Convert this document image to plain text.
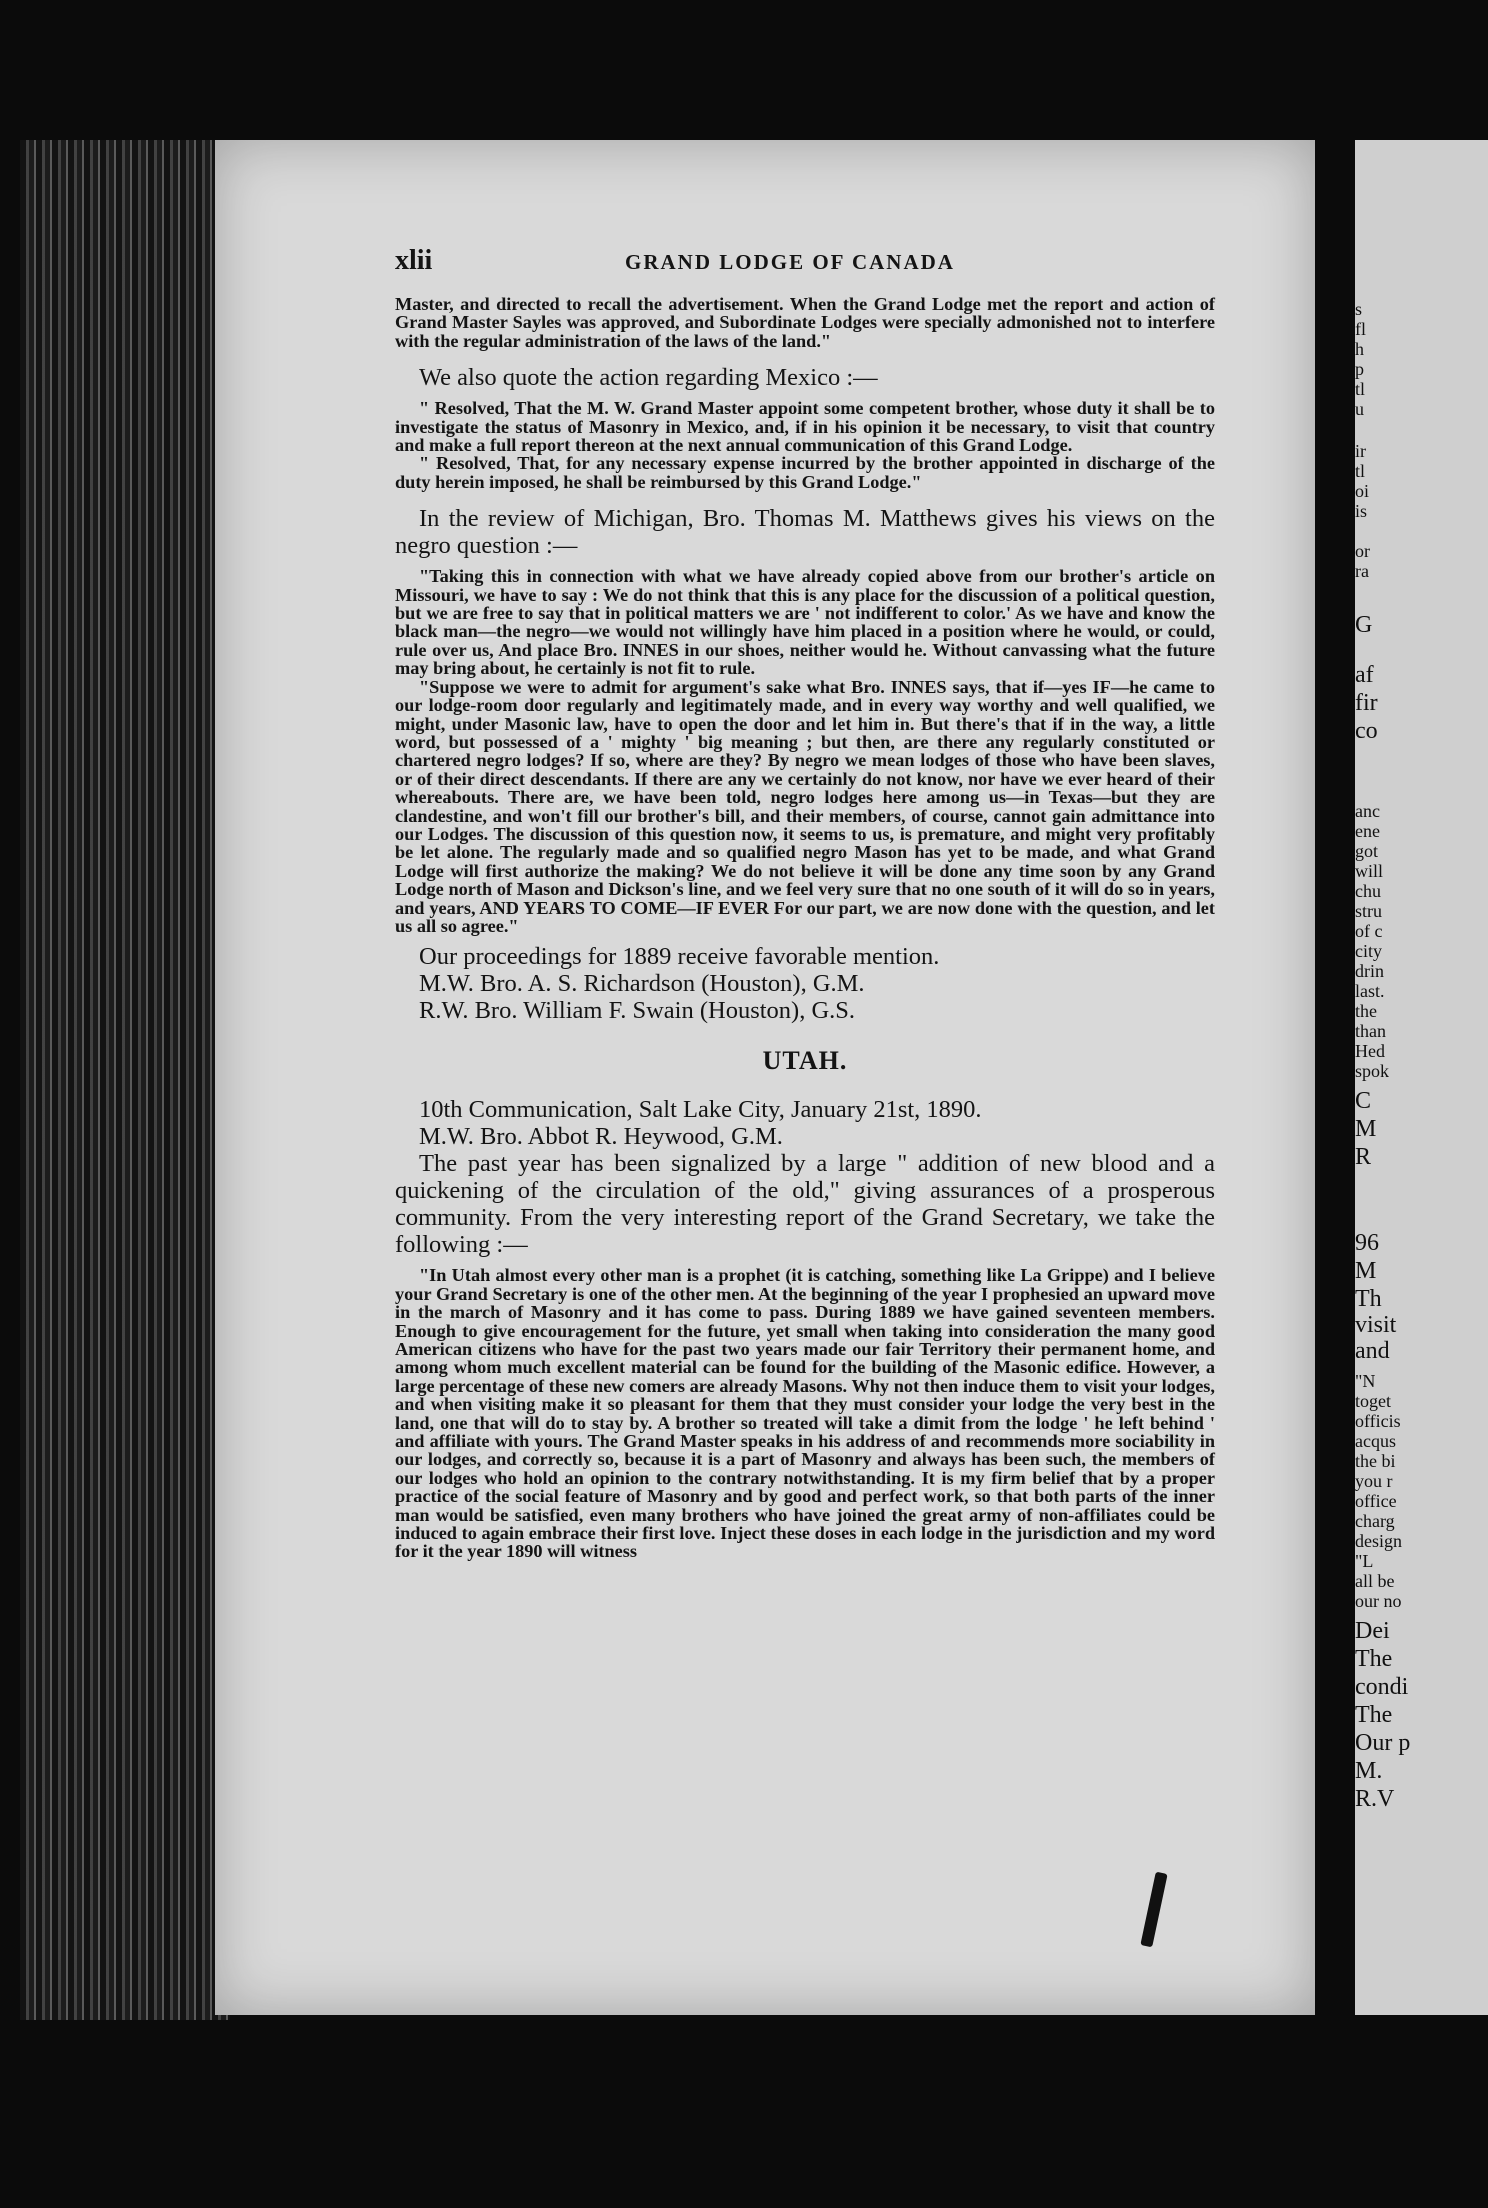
s
fl
h
p
tl
u
ir
tl
oi
is
or
ra
G
af
fir
co
anc
ene
got
will
chu
stru
of c
city
drin
last.
the
than
Hed
spok
C
M
R
96
M
Th
visit
and
"N
toget
officis
acqus
the bi
you r
office
charg
design
"L
all be
our no
Dei
The
condi
The
Our p
M.
R.V
xlii	GRAND LODGE OF CANADA

Master, and directed to recall the advertisement. When the Grand Lodge met the report and action of Grand Master Sayles was approved, and Subordinate Lodges were specially admonished not to interfere with the regular administration of the laws of the land."

We also quote the action regarding Mexico :—

" Resolved, That the M. W. Grand Master appoint some competent brother, whose duty it shall be to investigate the status of Masonry in Mexico, and, if in his opinion it be necessary, to visit that country and make a full report thereon at the next annual communication of this Grand Lodge.

" Resolved, That, for any necessary expense incurred by the brother appointed in discharge of the duty herein imposed, he shall be reimbursed by this Grand Lodge."

In the review of Michigan, Bro. Thomas M. Matthews gives his views on the negro question :—

"Taking this in connection with what we have already copied above from our brother's article on Missouri, we have to say : We do not think that this is any place for the discussion of a political question, but we are free to say that in political matters we are ' not indifferent to color.' As we have and know the black man—the negro—we would not willingly have him placed in a position where he would, or could, rule over us, And place Bro. INNES in our shoes, neither would he. Without canvassing what the future may bring about, he certainly is not fit to rule.

"Suppose we were to admit for argument's sake what Bro. INNES says, that if—yes IF—he came to our lodge-room door regularly and legitimately made, and in every way worthy and well qualified, we might, under Masonic law, have to open the door and let him in. But there's that if in the way, a little word, but possessed of a ' mighty ' big meaning ; but then, are there any regularly constituted or chartered negro lodges? If so, where are they? By negro we mean lodges of those who have been slaves, or of their direct descendants. If there are any we certainly do not know, nor have we ever heard of their whereabouts. There are, we have been told, negro lodges here among us—in Texas—but they are clandestine, and won't fill our brother's bill, and their members, of course, cannot gain admittance into our Lodges. The discussion of this question now, it seems to us, is premature, and might very profitably be let alone. The regularly made and so qualified negro Mason has yet to be made, and what Grand Lodge will first authorize the making? We do not believe it will be done any time soon by any Grand Lodge north of Mason and Dickson's line, and we feel very sure that no one south of it will do so in years, and years, AND YEARS TO COME—IF EVER For our part, we are now done with the question, and let us all so agree."

Our proceedings for 1889 receive favorable mention.

M.W. Bro. A. S. Richardson (Houston), G.M.

R.W. Bro. William F. Swain (Houston), G.S.

UTAH.

10th Communication, Salt Lake City, January 21st, 1890.

M.W. Bro. Abbot R. Heywood, G.M.

The past year has been signalized by a large " addition of new blood and a quickening of the circulation of the old," giving assurances of a prosperous community. From the very interesting report of the Grand Secretary, we take the following :—

"In Utah almost every other man is a prophet (it is catching, something like La Grippe) and I believe your Grand Secretary is one of the other men. At the beginning of the year I prophesied an upward move in the march of Masonry and it has come to pass. During 1889 we have gained seventeen members. Enough to give encouragement for the future, yet small when taking into consideration the many good American citizens who have for the past two years made our fair Territory their permanent home, and among whom much excellent material can be found for the building of the Masonic edifice. However, a large percentage of these new comers are already Masons. Why not then induce them to visit your lodges, and when visiting make it so pleasant for them that they must consider your lodge the very best in the land, one that will do to stay by. A brother so treated will take a dimit from the lodge ' he left behind ' and affiliate with yours. The Grand Master speaks in his address of and recommends more sociability in our lodges, and correctly so, because it is a part of Masonry and always has been such, the members of our lodges who hold an opinion to the contrary notwithstanding. It is my firm belief that by a proper practice of the social feature of Masonry and by good and perfect work, so that both parts of the inner man would be satisfied, even many brothers who have joined the great army of non-affiliates could be induced to again embrace their first love. Inject these doses in each lodge in the jurisdiction and my word for it the year 1890 will witness
